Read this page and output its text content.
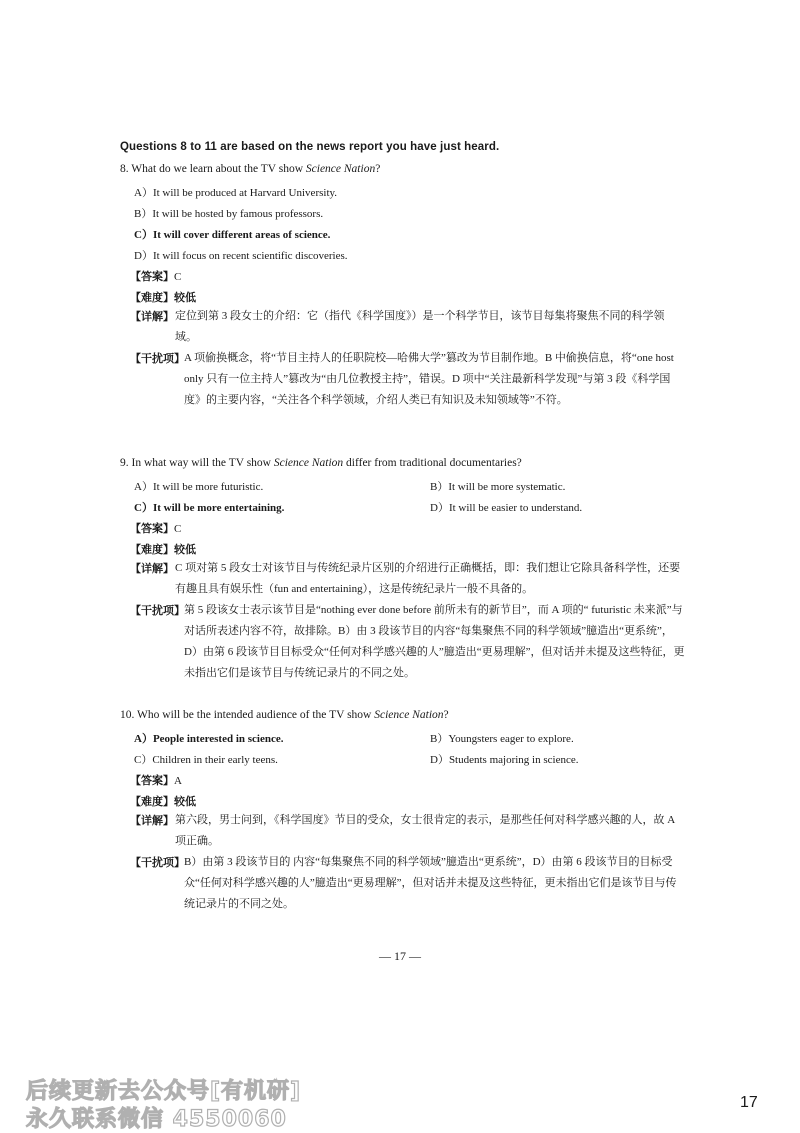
Questions 8 to 11 are based on the news report you have just heard.
8. What do we learn about the TV show Science Nation?
A）It will be produced at Harvard University.
B）It will be hosted by famous professors.
C）It will cover different areas of science.
D）It will focus on recent scientific discoveries.
【答案】C
【难度】较低
【详解】 定位到第 3 段女士的介绍：它（指代《科学国度》）是一个科学节目，该节目每集将聚焦不同的科学领域。
【干扰项】 A 项偷换概念，将“节目主持人的任职院校—哈佛大学”篡改为节目制作地。B 中偷换信息，将“one host only 只有一位主持人”篡改为“由几位教授主持”，错误。D 项中“关注最新科学发现”与第 3 段《科学国度》的主要内容，“关注各个科学领域，介绍人类已有知识及未知领域等”不符。
9. In what way will the TV show Science Nation differ from traditional documentaries?
A）It will be more futuristic.	B）It will be more systematic.
C）It will be more entertaining.	D）It will be easier to understand.
【答案】C
【难度】较低
【详解】 C 项对第 5 段女士对该节目与传统纪录片区别的介绍进行正确概括，即：我们想让它除具备科学性，还要有趣且具有娱乐性（fun and entertaining），这是传统纪录片一般不具备的。
【干扰项】 第 5 段该女士表示该节目是“nothing ever done before 前所未有的新节目”，而 A 项的“ futuristic 未来派”与对话所表述内容不符，故排除。B）由 3 段该节目的内容“每集聚焦不同的科学领域”臆造出“更系统”，D）由第 6 段该节目目标受众“任何对科学感兴趣的人”臆造出“更易理解”，但对话并未提及这些特征，更未指出它们是该节目与传统记录片的不同之处。
10. Who will be the intended audience of the TV show Science Nation?
A）People interested in science.	B）Youngsters eager to explore.
C）Children in their early teens.	D）Students majoring in science.
【答案】A
【难度】较低
【详解】 第六段，男士问到，《科学国度》节目的受众，女士很肯定的表示，是那些任何对科学感兴趣的人，故 A 项正确。
【干扰项】 B）由第 3 段该节目的 内容“每集聚焦不同的科学领域”臆造出“更系统”，D）由第 6 段该节目的目标受众“任何对科学感兴趣的人”臆造出“更易理解”，但对话并未提及这些特征，更未指出它们是该节目与传统记录片的不同之处。
— 17 —
后续更新去公众号[有机研]
永久联系微信 4550060
17
